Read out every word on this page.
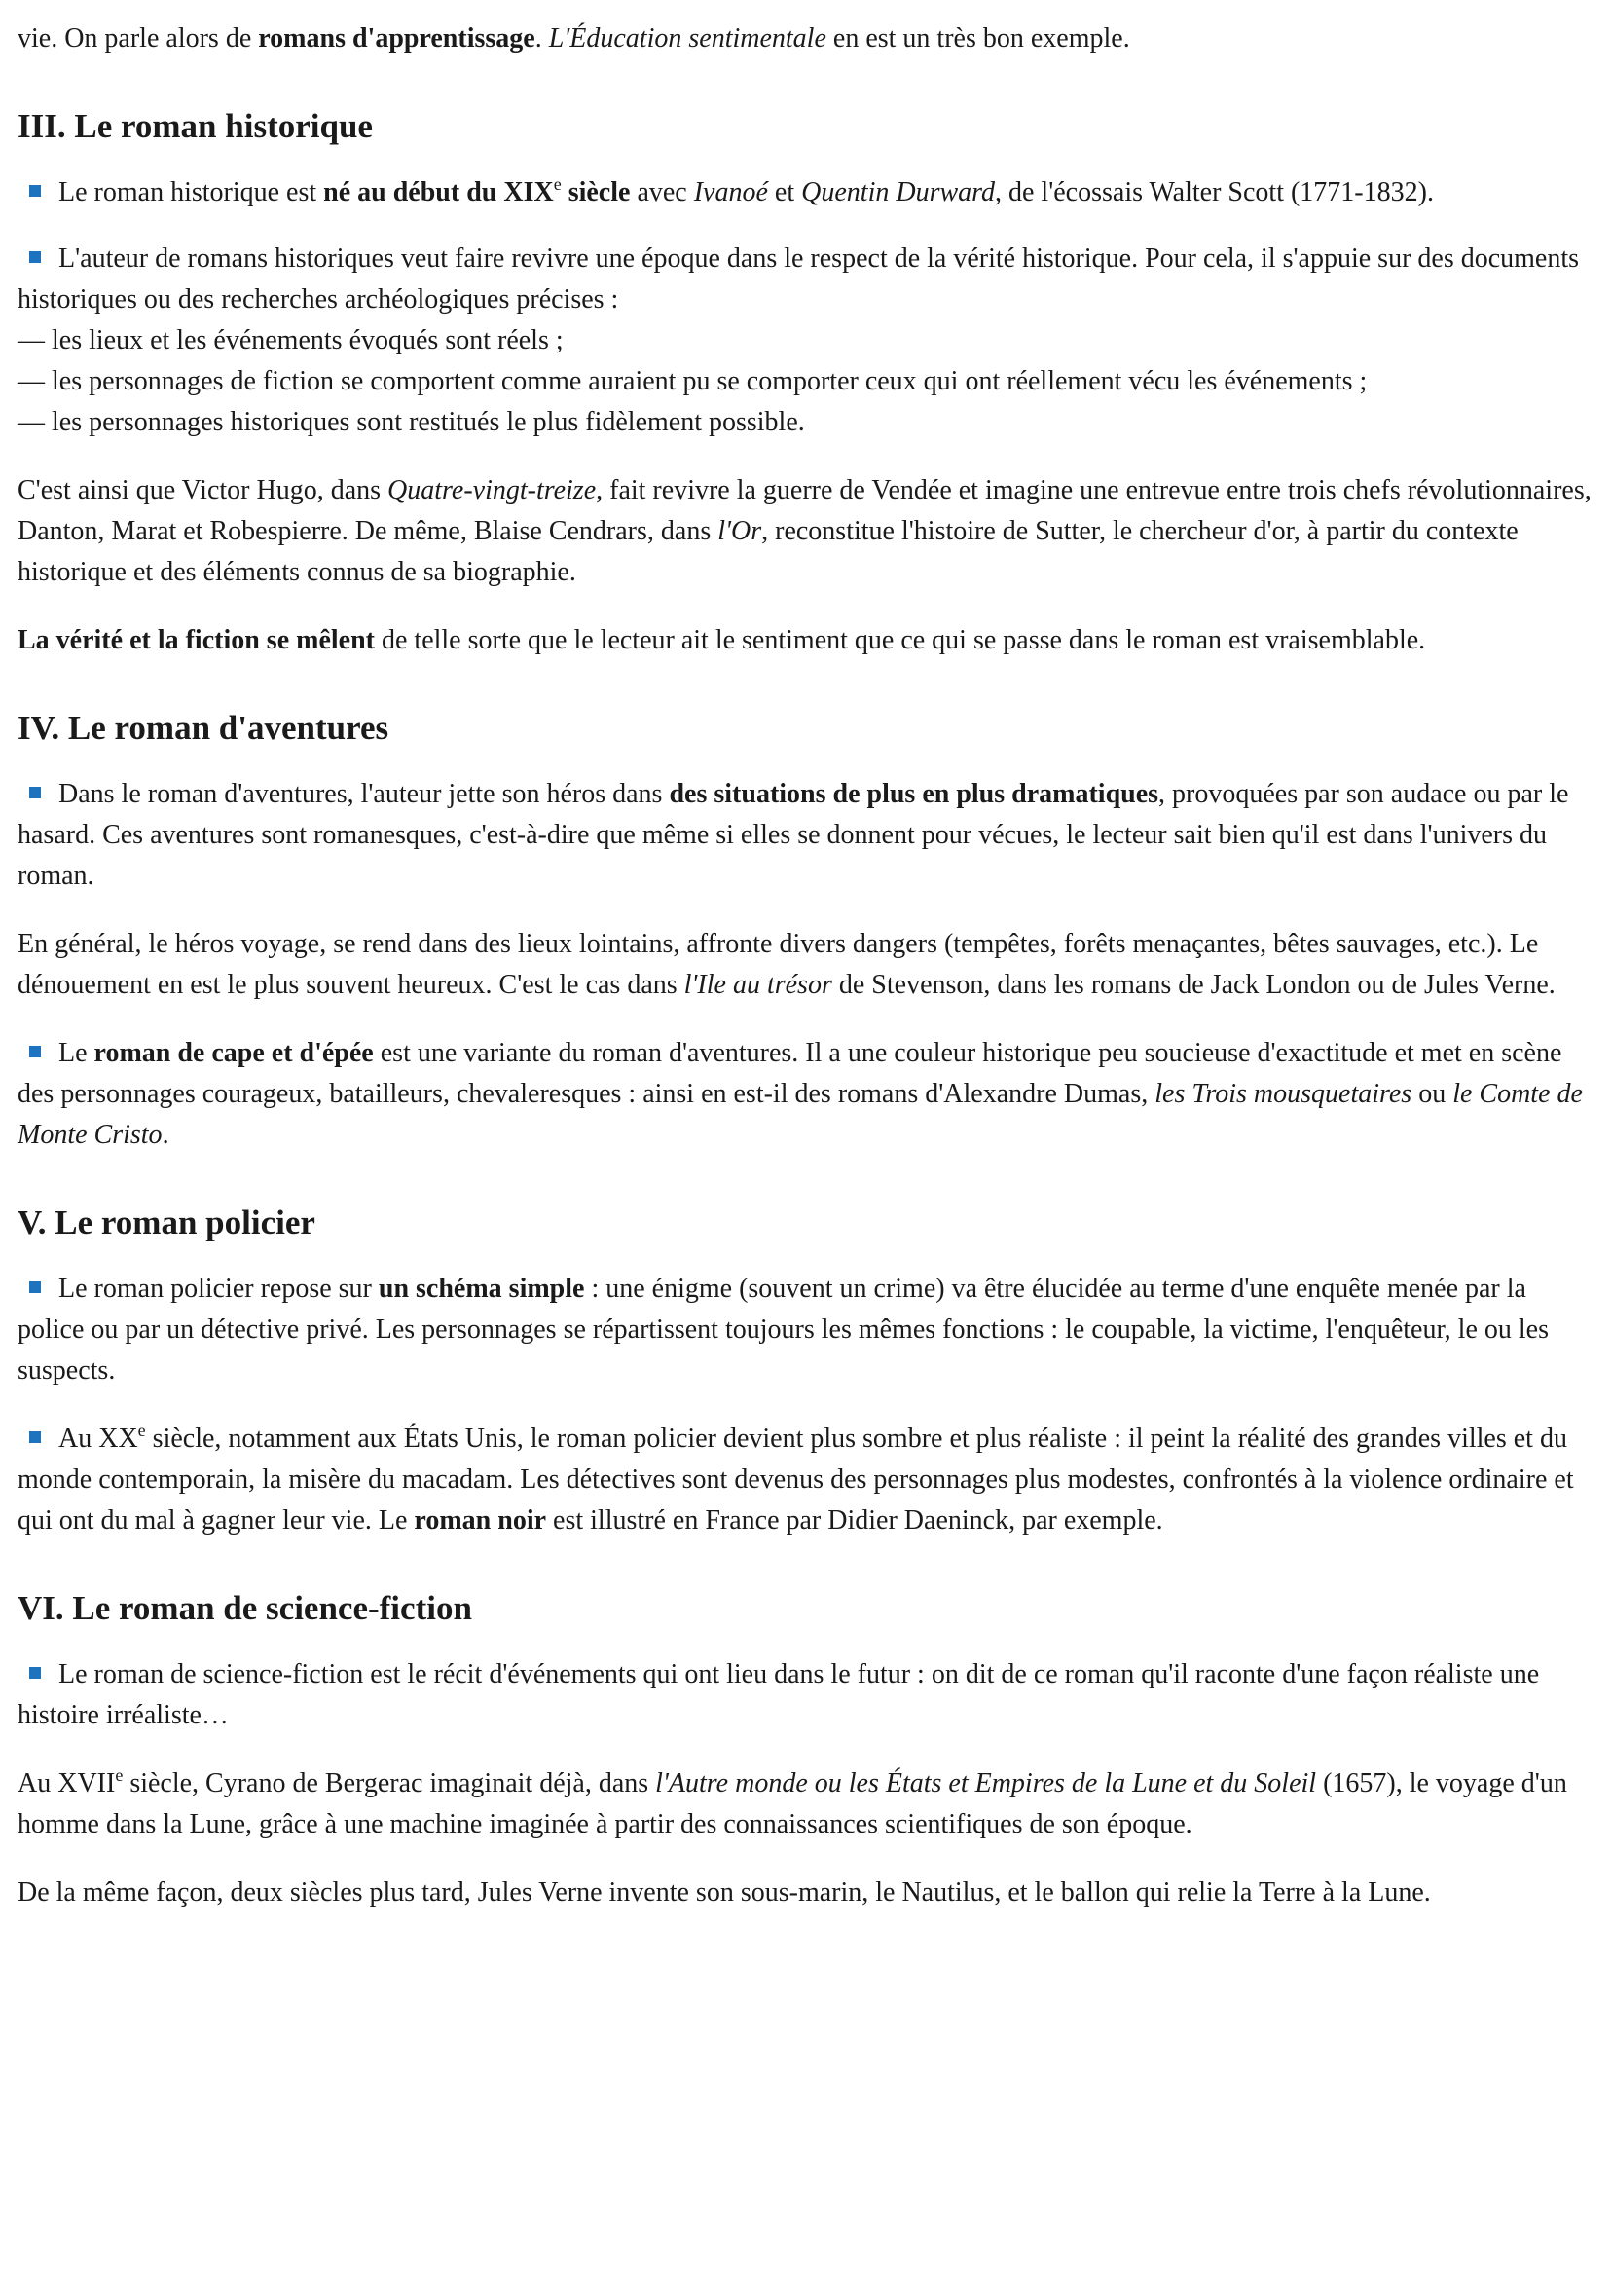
vie. On parle alors de romans d'apprentissage. L'Éducation sentimentale en est un très bon exemple.

III. Le roman historique

Le roman historique est né au début du XIXe siècle avec Ivanoé et Quentin Durward, de l'écossais Walter Scott (1771-1832).

L'auteur de romans historiques veut faire revivre une époque dans le respect de la vérité historique. Pour cela, il s'appuie sur des documents historiques ou des recherches archéologiques précises :
— les lieux et les événements évoqués sont réels ;
— les personnages de fiction se comportent comme auraient pu se comporter ceux qui ont réellement vécu les événements ;
— les personnages historiques sont restitués le plus fidèlement possible.

C'est ainsi que Victor Hugo, dans Quatre-vingt-treize, fait revivre la guerre de Vendée et imagine une entrevue entre trois chefs révolutionnaires, Danton, Marat et Robespierre. De même, Blaise Cendrars, dans l'Or, reconstitue l'histoire de Sutter, le chercheur d'or, à partir du contexte historique et des éléments connus de sa biographie.

La vérité et la fiction se mêlent de telle sorte que le lecteur ait le sentiment que ce qui se passe dans le roman est vraisemblable.

IV. Le roman d'aventures

Dans le roman d'aventures, l'auteur jette son héros dans des situations de plus en plus dramatiques, provoquées par son audace ou par le hasard. Ces aventures sont romanesques, c'est-à-dire que même si elles se donnent pour vécues, le lecteur sait bien qu'il est dans l'univers du roman.

En général, le héros voyage, se rend dans des lieux lointains, affronte divers dangers (tempêtes, forêts menaçantes, bêtes sauvages, etc.). Le dénouement en est le plus souvent heureux. C'est le cas dans l'Ile au trésor de Stevenson, dans les romans de Jack London ou de Jules Verne.

Le roman de cape et d'épée est une variante du roman d'aventures. Il a une couleur historique peu soucieuse d'exactitude et met en scène des personnages courageux, batailleurs, chevaleresques : ainsi en est-il des romans d'Alexandre Dumas, les Trois mousquetaires ou le Comte de Monte Cristo.

V. Le roman policier

Le roman policier repose sur un schéma simple : une énigme (souvent un crime) va être élucidée au terme d'une enquête menée par la police ou par un détective privé. Les personnages se répartissent toujours les mêmes fonctions : le coupable, la victime, l'enquêteur, le ou les suspects.

Au XXe siècle, notamment aux États Unis, le roman policier devient plus sombre et plus réaliste : il peint la réalité des grandes villes et du monde contemporain, la misère du macadam. Les détectives sont devenus des personnages plus modestes, confrontés à la violence ordinaire et qui ont du mal à gagner leur vie. Le roman noir est illustré en France par Didier Daeninck, par exemple.

VI. Le roman de science-fiction

Le roman de science-fiction est le récit d'événements qui ont lieu dans le futur : on dit de ce roman qu'il raconte d'une façon réaliste une histoire irréaliste…

Au XVIIe siècle, Cyrano de Bergerac imaginait déjà, dans l'Autre monde ou les États et Empires de la Lune et du Soleil (1657), le voyage d'un homme dans la Lune, grâce à une machine imaginée à partir des connaissances scientifiques de son époque.

De la même façon, deux siècles plus tard, Jules Verne invente son sous-marin, le Nautilus, et le ballon qui relie la Terre à la Lune.
